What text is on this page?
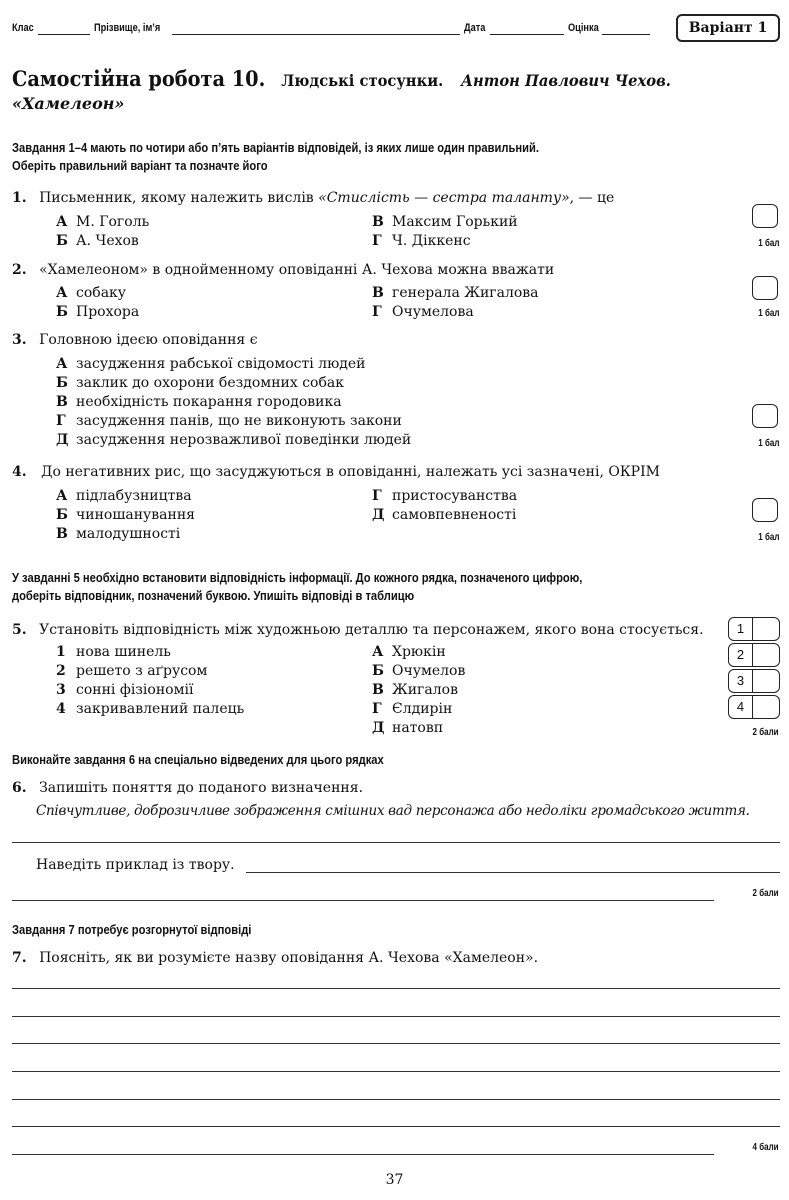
Клас	Прізвище, ім’я	Дата	Оцінка	Варіант 1
Самостійна робота 10. Людські стосунки. Антон Павлович Чехов.
«Хамелеон»
Завдання 1–4 мають по чотири або п’ять варіантів відповідей, із яких лише один правильний.
Оберіть правильний варіант та позначте його
1. Письменник, якому належить вислів «Стислість — сестра таланту», — це
А М. Гоголь
Б А. Чехов
В Максим Горький
Г Ч. Діккенс	1 бал
2. «Хамелеоном» в однойменному оповіданні А. Чехова можна вважати
А собаку
Б Прохора
В генерала Жигалова
Г Очумелова	1 бал
3. Головною ідеєю оповідання є
А засудження рабської свідомості людей
Б заклик до охорони бездомних собак
В необхідність покарання городовика
Г засудження панів, що не виконують закони
Д засудження нерозважливої поведінки людей	1 бал
4. До негативних рис, що засуджуються в оповіданні, належать усі зазначені, ОКРІМ
А підлабузництва
Б чиношанування
В малодушності
Г пристосуванства
Д самовпевненості
1 бал
У завданні 5 необхідно встановити відповідність інформації. До кожного рядка, позначеного цифрою,
доберіть відповідник, позначений буквою. Упишіть відповіді в таблицю
5. Установіть відповідність між художньою деталлю та персонажем, якого вона стосується.
1 нова шинель
2 решето з аґрусом
3 сонні фізіономії
4 закривавлений палець
А Хрюкін
Б Очумелов
В Жигалов
Г Єлдирін
Д натовп
1
2
3
4
2 бали
Виконайте завдання 6 на спеціально відведених для цього рядках
6. Запишіть поняття до поданого визначення.
Співчутливе, доброзичливе зображення смішних вад персонажа або недоліки громадського життя.
Наведіть приклад із твору.
2 бали
Завдання 7 потребує розгорнутої відповіді
7. Поясніть, як ви розумієте назву оповідання А. Чехова «Хамелеон».
4 бали
37
